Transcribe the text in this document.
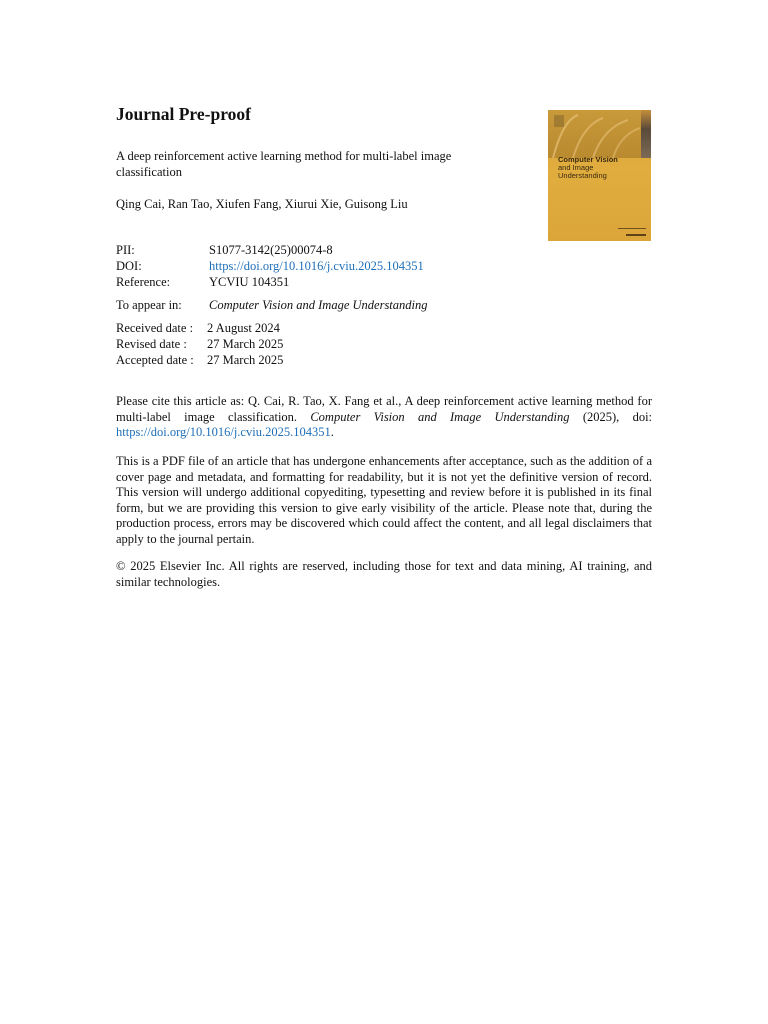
Journal Pre-proof

A deep reinforcement active learning method for multi-label image classification

Qing Cai, Ran Tao, Xiufen Fang, Xiurui Xie, Guisong Liu

Computer Vision
and Image
Understanding
PII:	S1077-3142(25)00074-8
DOI:	https://doi.org/10.1016/j.cviu.2025.104351
Reference:	YCVIU 104351
To appear in: Computer Vision and Image Understanding
Received date : 2 August 2024
Revised date : 27 March 2025
Accepted date : 27 March 2025

Please cite this article as: Q. Cai, R. Tao, X. Fang et al., A deep reinforcement active learning method for multi-label image classification. Computer Vision and Image Understanding (2025), doi: https://doi.org/10.1016/j.cviu.2025.104351.

This is a PDF file of an article that has undergone enhancements after acceptance, such as the addition of a cover page and metadata, and formatting for readability, but it is not yet the definitive version of record. This version will undergo additional copyediting, typesetting and review before it is published in its final form, but we are providing this version to give early visibility of the article. Please note that, during the production process, errors may be discovered which could affect the content, and all legal disclaimers that apply to the journal pertain.

© 2025 Elsevier Inc. All rights are reserved, including those for text and data mining, AI training, and similar technologies.
